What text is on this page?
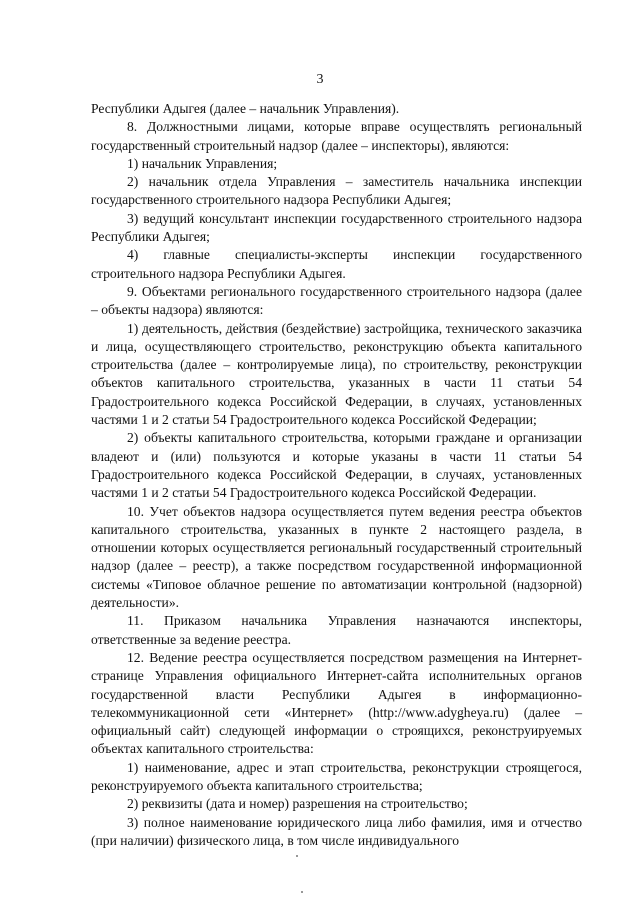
3

Республики Адыгея (далее – начальник Управления).

8. Должностными лицами, которые вправе осуществлять региональный государственный строительный надзор (далее – инспекторы), являются:

1) начальник Управления;

2) начальник отдела Управления – заместитель начальника инспекции государственного строительного надзора Республики Адыгея;

3) ведущий консультант инспекции государственного строительного надзора Республики Адыгея;

4) главные специалисты-эксперты инспекции государственного строительного надзора Республики Адыгея.

9. Объектами регионального государственного строительного надзора (далее – объекты надзора) являются:

1) деятельность, действия (бездействие) застройщика, технического заказчика и лица, осуществляющего строительство, реконструкцию объекта капитального строительства (далее – контролируемые лица), по строительству, реконструкции объектов капитального строительства, указанных в части 11 статьи 54 Градостроительного кодекса Российской Федерации, в случаях, установленных частями 1 и 2 статьи 54 Градостроительного кодекса Российской Федерации;

2) объекты капитального строительства, которыми граждане и организации владеют и (или) пользуются и которые указаны в части 11 статьи 54 Градостроительного кодекса Российской Федерации, в случаях, установленных частями 1 и 2 статьи 54 Градостроительного кодекса Российской Федерации.

10. Учет объектов надзора осуществляется путем ведения реестра объектов капитального строительства, указанных в пункте 2 настоящего раздела, в отношении которых осуществляется региональный государственный строительный надзор (далее – реестр), а также посредством государственной информационной системы «Типовое облачное решение по автоматизации контрольной (надзорной) деятельности».

11. Приказом начальника Управления назначаются инспекторы, ответственные за ведение реестра.

12. Ведение реестра осуществляется посредством размещения на Интернет-странице Управления официального Интернет-сайта исполнительных органов государственной власти Республики Адыгея в информационно-телекоммуникационной сети «Интернет» (http://www.adygheya.ru) (далее – официальный сайт) следующей информации о строящихся, реконструируемых объектах капитального строительства:

1) наименование, адрес и этап строительства, реконструкции строящегося, реконструируемого объекта капитального строительства;

2) реквизиты (дата и номер) разрешения на строительство;

3) полное наименование юридического лица либо фамилия, имя и отчество (при наличии) физического лица, в том числе индивидуального
